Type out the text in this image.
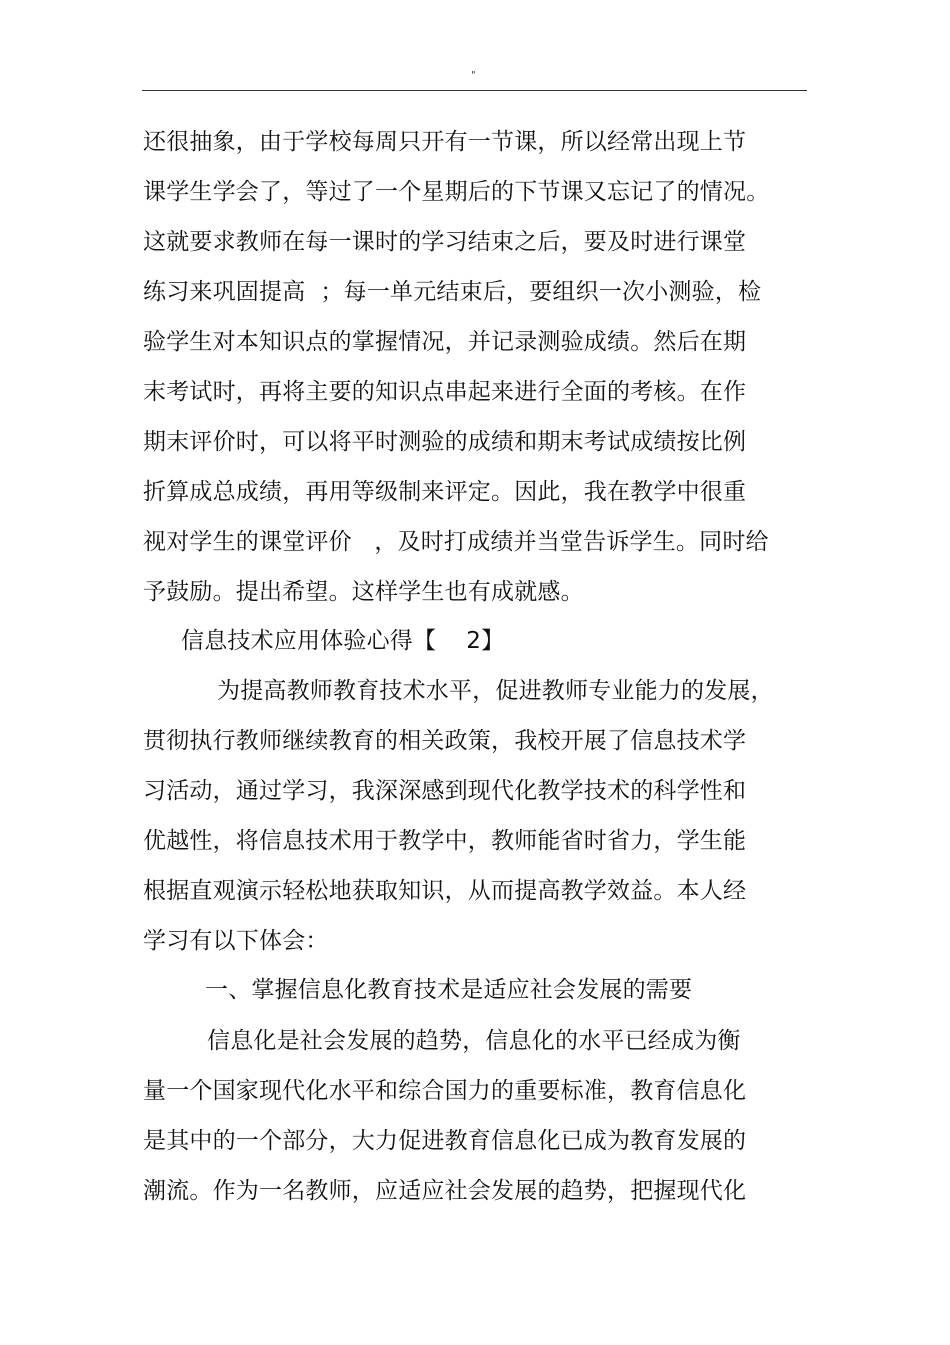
"
还很抽象，由于学校每周只开有一节课，所以经常出现上节
课学生学会了，等过了一个星期后的下节课又忘记了的情况。
这就要求教师在每一课时的学习结束之后，要及时进行课堂
练习来巩固提高  ；每一单元结束后，要组织一次小测验，检
验学生对本知识点的掌握情况，并记录测验成绩。然后在期
末考试时，再将主要的知识点串起来进行全面的考核。在作
期末评价时，可以将平时测验的成绩和期末考试成绩按比例
折算成总成绩，再用等级制来评定。因此，我在教学中很重
视对学生的课堂评价   ，及时打成绩并当堂告诉学生。同时给
予鼓励。提出希望。这样学生也有成就感。
信息技术应用体验心得【    2】
为提高教师教育技术水平，促进教师专业能力的发展，
贯彻执行教师继续教育的相关政策，我校开展了信息技术学
习活动，通过学习，我深深感到现代化教学技术的科学性和
优越性，将信息技术用于教学中，教师能省时省力，学生能
根据直观演示轻松地获取知识，从而提高教学效益。本人经
学习有以下体会：
一、掌握信息化教育技术是适应社会发展的需要
信息化是社会发展的趋势，信息化的水平已经成为衡
量一个国家现代化水平和综合国力的重要标准，教育信息化
是其中的一个部分，大力促进教育信息化已成为教育发展的
潮流。作为一名教师，应适应社会发展的趋势，把握现代化
